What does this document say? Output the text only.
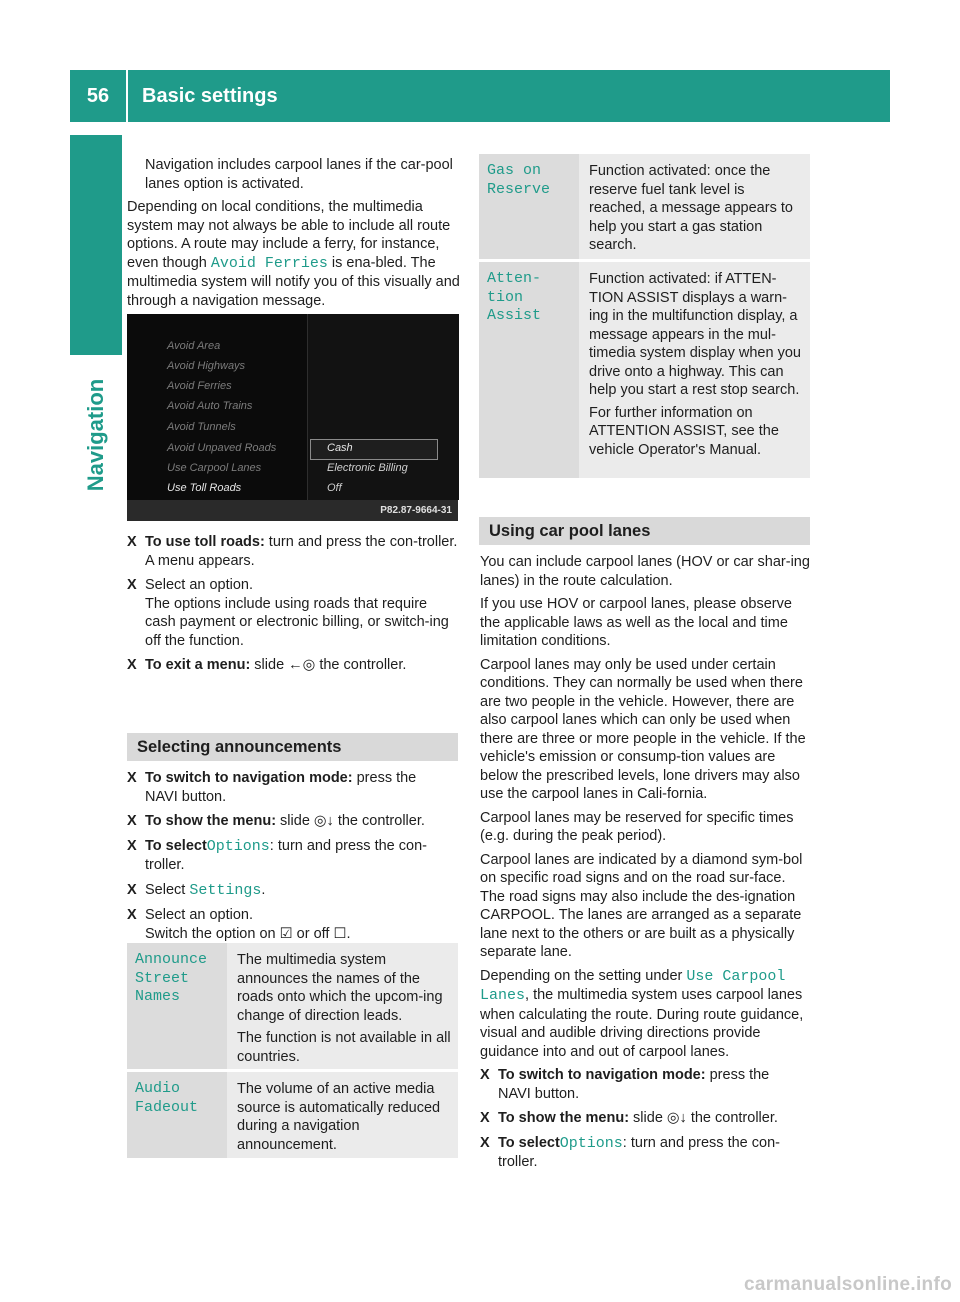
56	Basic settings
Navigation

Navigation includes carpool lanes if the car-pool lanes option is activated.

Depending on local conditions, the multimedia system may not always be able to include all route options. A route may include a ferry, for instance, even though Avoid Ferries is ena-bled. The multimedia system will notify you of this visually and through a navigation message.

Avoid Area
Avoid Highways
Avoid Ferries
Avoid Auto Trains
Avoid Tunnels
Avoid Unpaved Roads
Use Carpool Lanes
Use Toll Roads
Cash
Electronic Billing
Off
P82.87-9664-31
X To use toll roads: turn and press the con-troller.
A menu appears.
X Select an option.
The options include using roads that require cash payment or electronic billing, or switch-ing off the function.
X To exit a menu: slide ←◎ the controller.
Selecting announcements
X To switch to navigation mode: press the
NAVI button.
X To show the menu: slide ◎↓ the controller.
X To selectOptions: turn and press the con-troller.
X Select Settings.
X Select an option.
Switch the option on ☑ or off ☐.
Announce
Street
Names

The multimedia system announces the names of the roads onto which the upcom-ing change of direction leads.

The function is not available in all countries.

Audio
Fadeout

The volume of an active media source is automatically reduced during a navigation announcement.

Gas on
Reserve

Function activated: once the reserve fuel tank level is reached, a message appears to help you start a gas station search.

Atten‐
tion
Assist

Function activated: if ATTEN-TION ASSIST displays a warn-ing in the multifunction display, a message appears in the mul-timedia system display when you drive onto a highway. This can help you start a rest stop search.

For further information on ATTENTION ASSIST, see the vehicle Operator's Manual.

Using car pool lanes

You can include carpool lanes (HOV or car shar-ing lanes) in the route calculation.

If you use HOV or carpool lanes, please observe the applicable laws as well as the local and time limitation conditions.

Carpool lanes may only be used under certain conditions. They can normally be used when there are two people in the vehicle. However, there are also carpool lanes which can only be used when there are three or more people in the vehicle. If the vehicle's emission or consump-tion values are below the prescribed levels, lone drivers may also use the carpool lanes in Cali-fornia.

Carpool lanes may be reserved for specific times (e.g. during the peak period).

Carpool lanes are indicated by a diamond sym-bol on specific road signs and on the road sur-face. The road signs may also include the des-ignation CARPOOL. The lanes are arranged as a separate lane next to the others or are built as a physically separate lane.

Depending on the setting under Use Carpool Lanes, the multimedia system uses carpool lanes when calculating the route. During route guidance, visual and audible driving directions provide guidance into and out of carpool lanes.

X To switch to navigation mode: press the
NAVI button.
X To show the menu: slide ◎↓ the controller.
X To selectOptions: turn and press the con-troller.
carmanualsonline.info
